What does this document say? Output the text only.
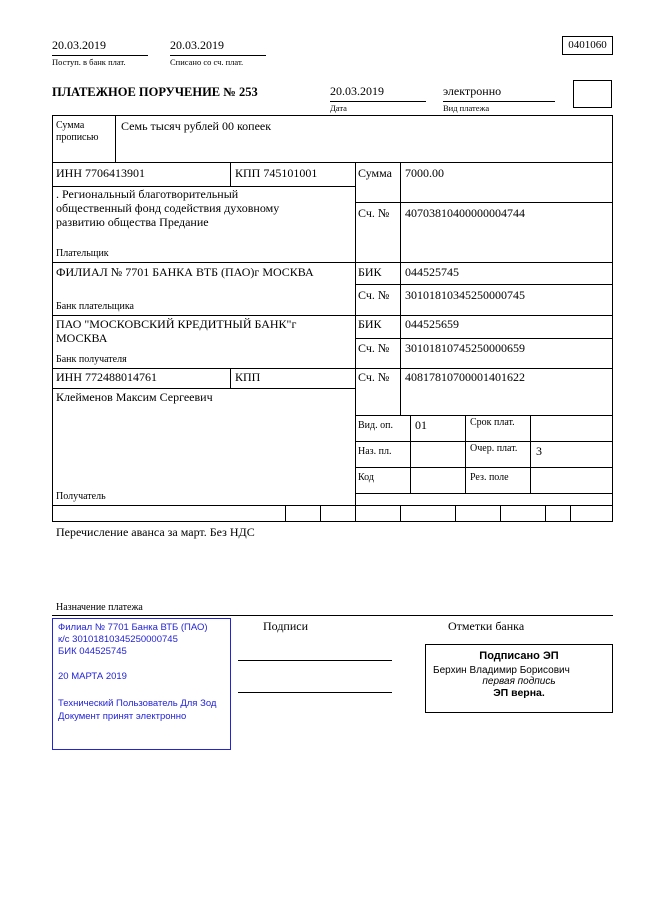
20.03.2019
Поступ. в банк плат.
20.03.2019
Списано со сч. плат.
0401060
ПЛАТЕЖНОЕ ПОРУЧЕНИЕ № 253	20.03.2019
Дата
электронно
Вид платежа
Сумма прописью
Семь тысяч рублей 00 копеек
ИНН 7706413901	КПП 745101001	Сумма 7000.00
. Региональный благотворительный общественный фонд содействия духовному развитию общества Предание
Сч. № 40703810400000004744
Плательщик
ФИЛИАЛ № 7701 БАНКА ВТБ (ПАО)г МОСКВА	БИК 044525745
Сч. № 30101810345250000745
Банк плательщика
ПАО "МОСКОВСКИЙ КРЕДИТНЫЙ БАНК"г МОСКВА
БИК 044525659
Сч. № 30101810745250000659
Банк получателя
ИНН 772488014761	КПП	Сч. № 40817810700001401622
Клейменов Максим Сергеевич
Вид. оп. 01	Срок плат.
Наз. пл.	Очер. плат. 3
Код	Рез. поле
Получатель
Перечисление аванса за март. Без НДС
Назначение платежа
Подписи	Отметки банка
Филиал № 7701 Банка ВТБ (ПАО)
к/с 30101810345250000745
БИК 044525745
20 МАРТА 2019
Технический Пользователь Для Зод
Документ принят электронно
Подписано ЭП
Берхин Владимир Борисович
первая подпись
ЭП верна.
